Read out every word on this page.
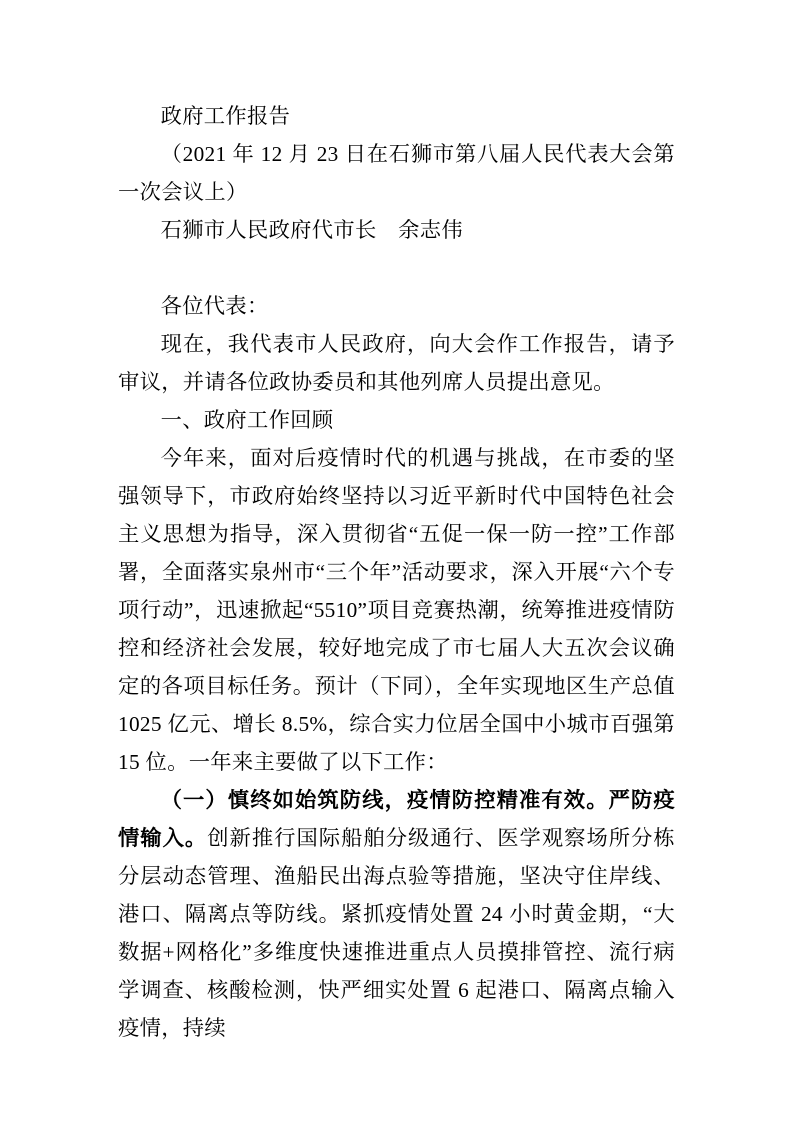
政府工作报告

（2021 年 12 月 23 日在石狮市第八届人民代表大会第一次会议上）

石狮市人民政府代市长　余志伟

各位代表：

现在，我代表市人民政府，向大会作工作报告，请予审议，并请各位政协委员和其他列席人员提出意见。

一、政府工作回顾

今年来，面对后疫情时代的机遇与挑战，在市委的坚强领导下，市政府始终坚持以习近平新时代中国特色社会主义思想为指导，深入贯彻省“五促一保一防一控”工作部署，全面落实泉州市“三个年”活动要求，深入开展“六个专项行动”，迅速掀起“5510”项目竞赛热潮，统筹推进疫情防控和经济社会发展，较好地完成了市七届人大五次会议确定的各项目标任务。预计（下同），全年实现地区生产总值 1025 亿元、增长 8.5%，综合实力位居全国中小城市百强第 15 位。一年来主要做了以下工作：

（一）慎终如始筑防线，疫情防控精准有效。严防疫情输入。创新推行国际船舶分级通行、医学观察场所分栋分层动态管理、渔船民出海点验等措施，坚决守住岸线、港口、隔离点等防线。紧抓疫情处置 24 小时黄金期，“大数据+网格化”多维度快速推进重点人员摸排管控、流行病学调查、核酸检测，快严细实处置 6 起港口、隔离点输入疫情，持续
